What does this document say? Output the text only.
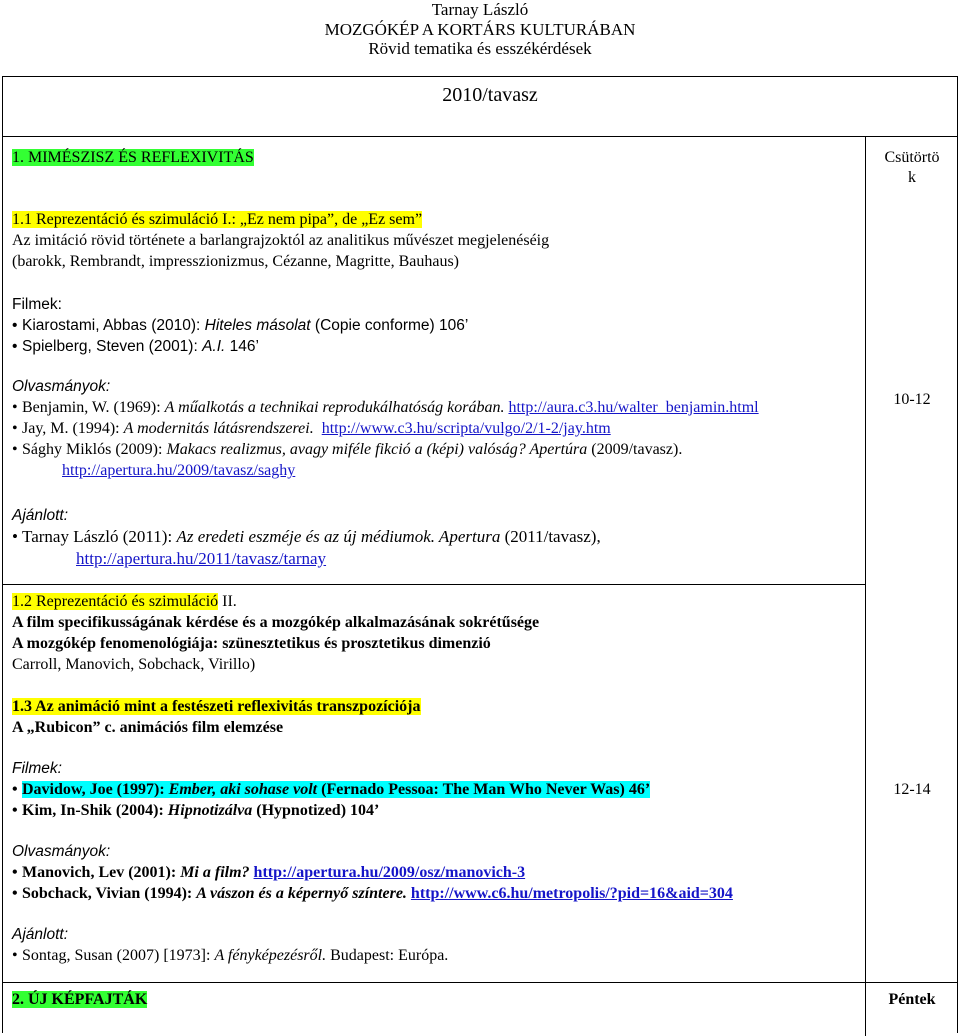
Tarnay László
MOZGÓKÉP A KORTÁRS KULTURÁBAN
Rövid tematika és esszékérdések
2010/tavasz
1. MIMÉSZISZ ÉS REFLEXIVITÁS	Csütörtö
k
1.1 Reprezentáció és szimuláció I.: „Ez nem pipa”, de „Ez sem”
Az imitáció rövid története a barlangrajzoktól az analitikus művészet megjelenéséig
(barokk, Rembrandt, impresszionizmus, Cézanne, Magritte, Bauhaus)
Filmek:
• Kiarostami, Abbas (2010): Hiteles másolat (Copie conforme) 106’
• Spielberg, Steven (2001): A.I. 146’
Olvasmányok:
• Benjamin, W. (1969): A műalkotás a technikai reprodukálhatóság korában. http://aura.c3.hu/walter_benjamin.html
• Jay, M. (1994): A modernitás látásrendszerei. http://www.c3.hu/scripta/vulgo/2/1-2/jay.htm
• Sághy Miklós (2009): Makacs realizmus, avagy miféle fikció a (képi) valóság? Apertúra (2009/tavasz).
http://apertura.hu/2009/tavasz/saghy
Ajánlott:
• Tarnay László (2011): Az eredeti eszméje és az új médiumok. Apertura (2011/tavasz),
http://apertura.hu/2011/tavasz/tarnay
10-12
1.2 Reprezentáció és szimuláció II.
A film specifikusságának kérdése és a mozgókép alkalmazásának sokrétűsége
A mozgókép fenomenológiája: szünesztetikus és prosztetikus dimenzió
Carroll, Manovich, Sobchack, Virillo)
1.3 Az animáció mint a festészeti reflexivitás transzpozíciója
A „Rubicon” c. animációs film elemzése
Filmek:
• Davidow, Joe (1997): Ember, aki sohase volt (Fernado Pessoa: The Man Who Never Was) 46’
• Kim, In-Shik (2004): Hipnotizálva (Hypnotized) 104’
Olvasmányok:
• Manovich, Lev (2001): Mi a film? http://apertura.hu/2009/osz/manovich-3
• Sobchack, Vivian (1994): A vászon és a képernyő színtere. http://www.c6.hu/metropolis/?pid=16&aid=304
Ajánlott:
• Sontag, Susan (2007) [1973]: A fényképezésről. Budapest: Európa.
12-14
2. ÚJ KÉPFAJTÁK	Péntek
